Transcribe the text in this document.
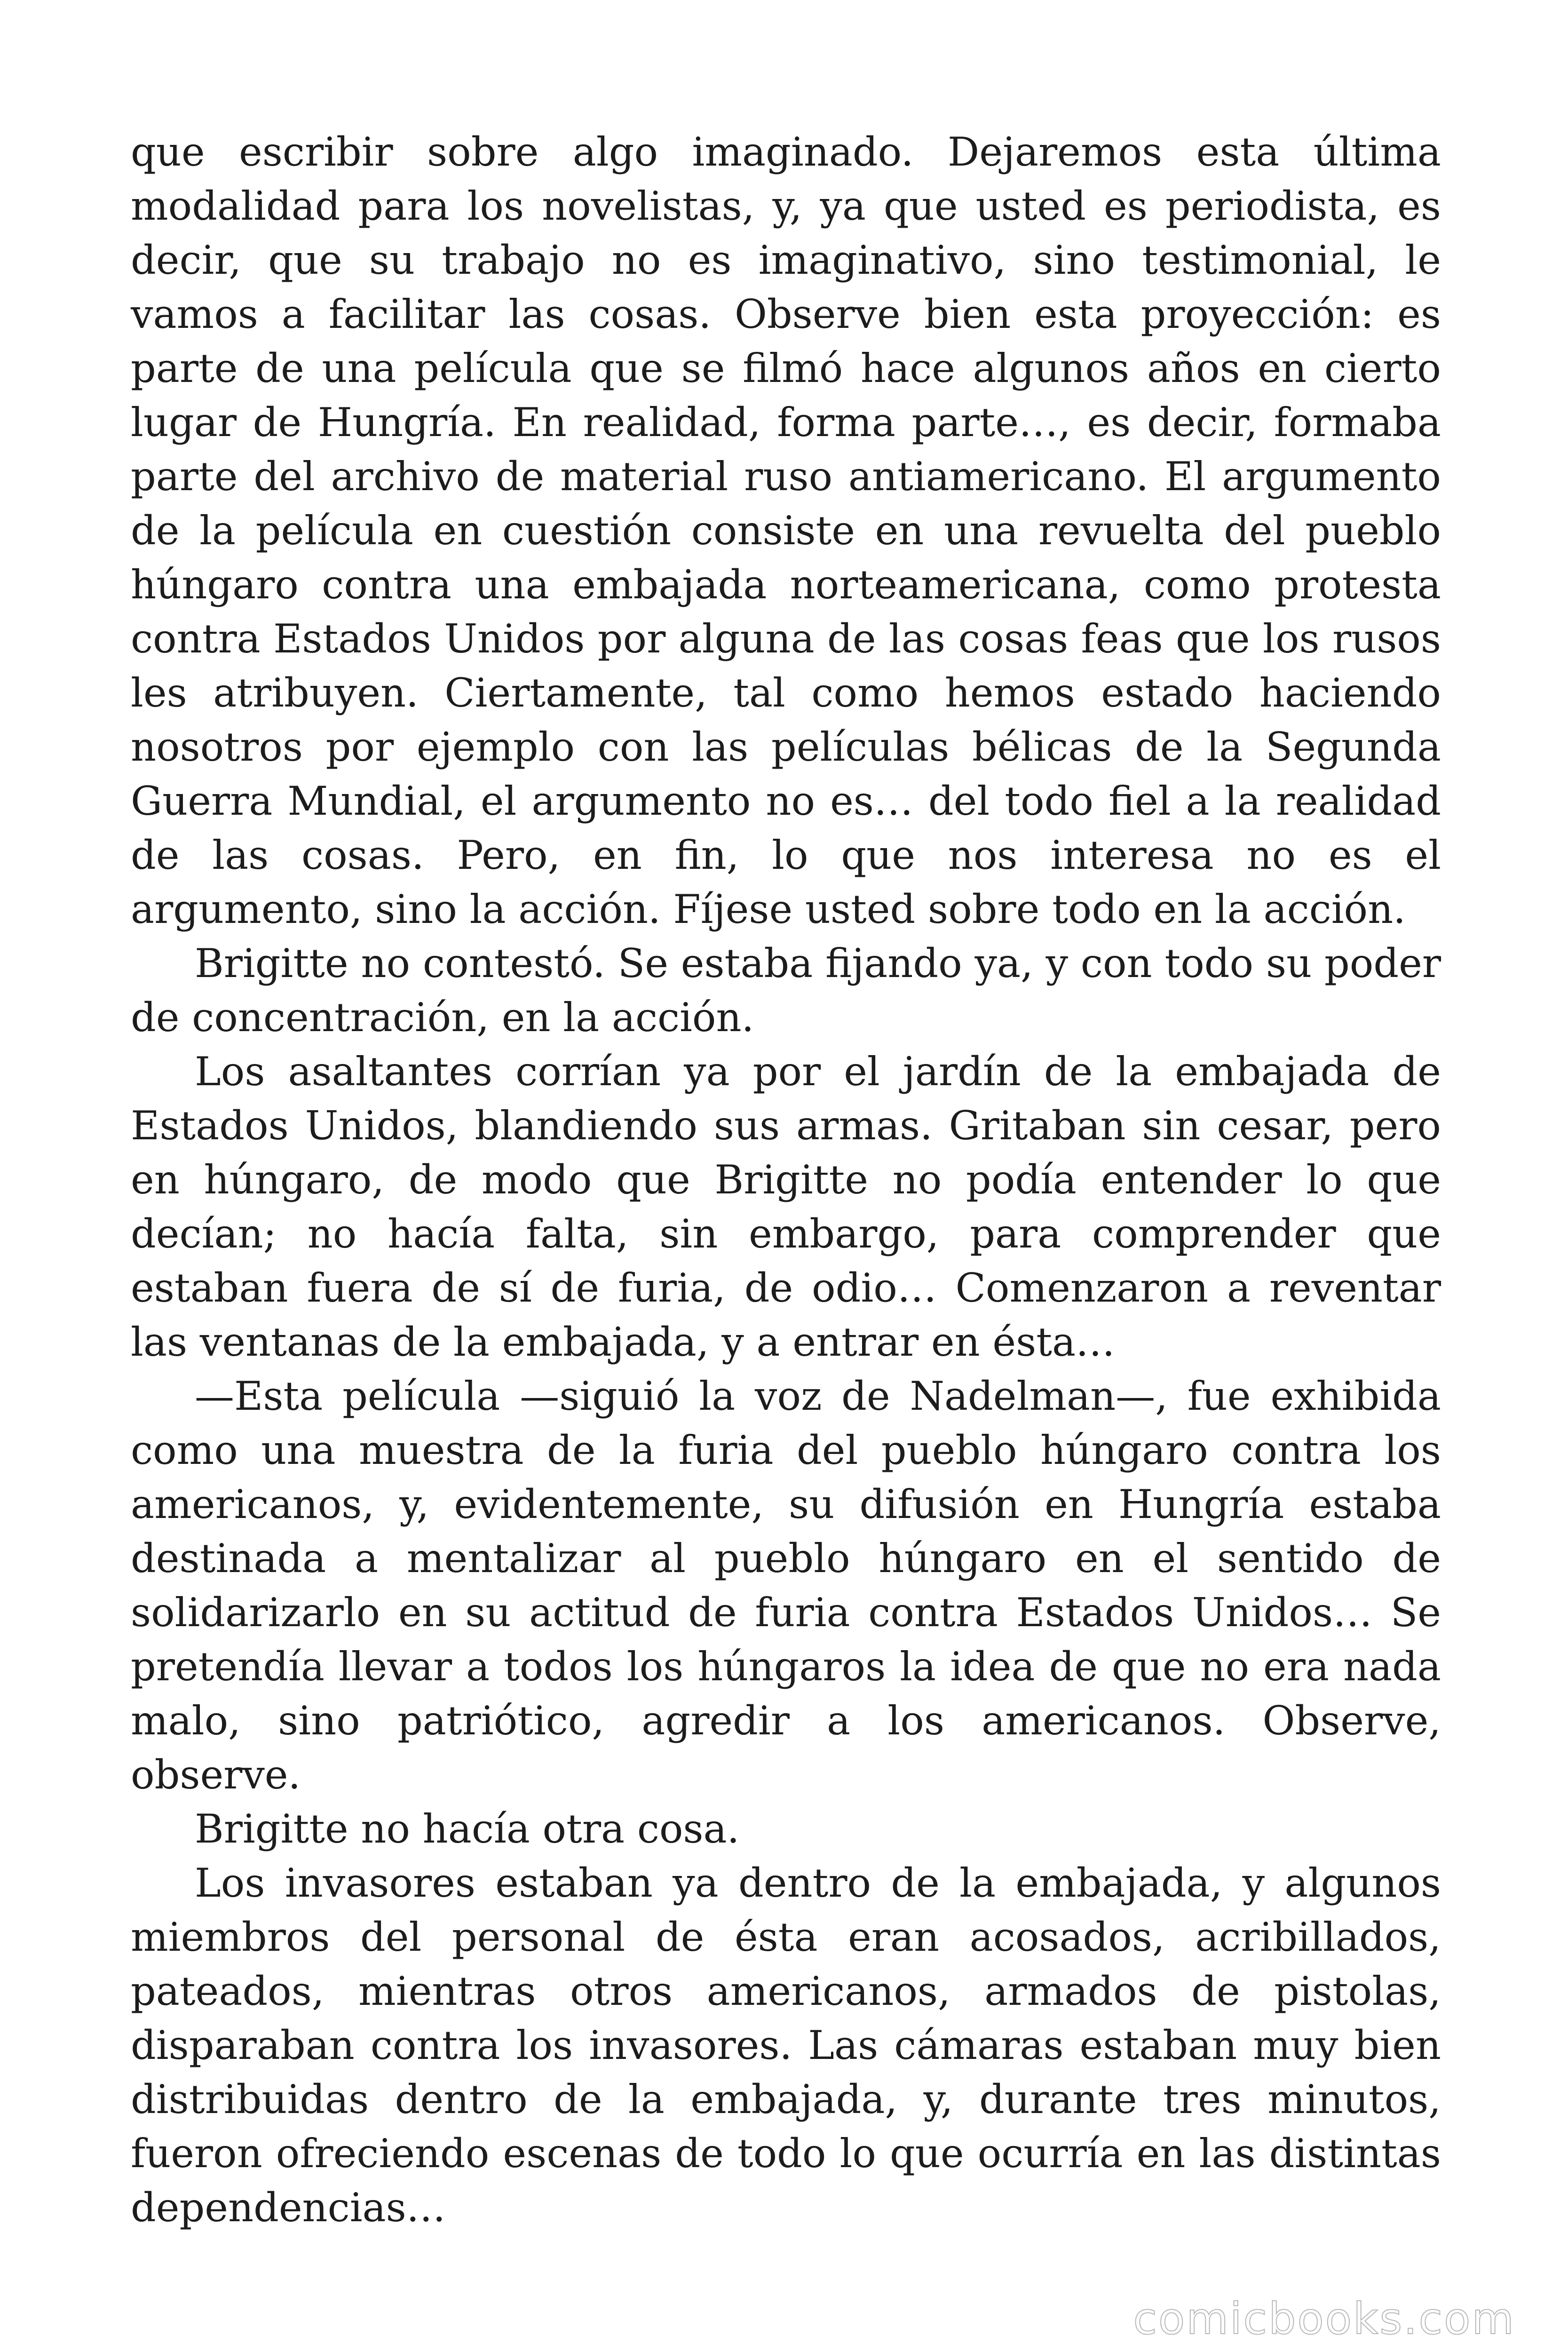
que escribir sobre algo imaginado. Dejaremos esta última modalidad para los novelistas, y, ya que usted es periodista, es decir, que su trabajo no es imaginativo, sino testimonial, le vamos a facilitar las cosas. Observe bien esta proyección: es parte de una película que se filmó hace algunos años en cierto lugar de Hungría. En realidad, forma parte…, es decir, formaba parte del archivo de material ruso antiamericano. El argumento de la película en cuestión consiste en una revuelta del pueblo húngaro contra una embajada norteamericana, como protesta contra Estados Unidos por alguna de las cosas feas que los rusos les atribuyen. Ciertamente, tal como hemos estado haciendo nosotros por ejemplo con las películas bélicas de la Segunda Guerra Mundial, el argumento no es… del todo fiel a la realidad de las cosas. Pero, en fin, lo que nos interesa no es el argumento, sino la acción. Fíjese usted sobre todo en la acción.

Brigitte no contestó. Se estaba fijando ya, y con todo su poder de concentración, en la acción.

Los asaltantes corrían ya por el jardín de la embajada de Estados Unidos, blandiendo sus armas. Gritaban sin cesar, pero en húngaro, de modo que Brigitte no podía entender lo que decían; no hacía falta, sin embargo, para comprender que estaban fuera de sí de furia, de odio… Comenzaron a reventar las ventanas de la embajada, y a entrar en ésta…

—Esta película —siguió la voz de Nadelman—, fue exhibida como una muestra de la furia del pueblo húngaro contra los americanos, y, evidentemente, su difusión en Hungría estaba destinada a mentalizar al pueblo húngaro en el sentido de solidarizarlo en su actitud de furia contra Estados Unidos… Se pretendía llevar a todos los húngaros la idea de que no era nada malo, sino patriótico, agredir a los americanos. Observe, observe.

Brigitte no hacía otra cosa.

Los invasores estaban ya dentro de la embajada, y algunos miembros del personal de ésta eran acosados, acribillados, pateados, mientras otros americanos, armados de pistolas, disparaban contra los invasores. Las cámaras estaban muy bien distribuidas dentro de la embajada, y, durante tres minutos, fueron ofreciendo escenas de todo lo que ocurría en las distintas dependencias…

comicbooks.com
